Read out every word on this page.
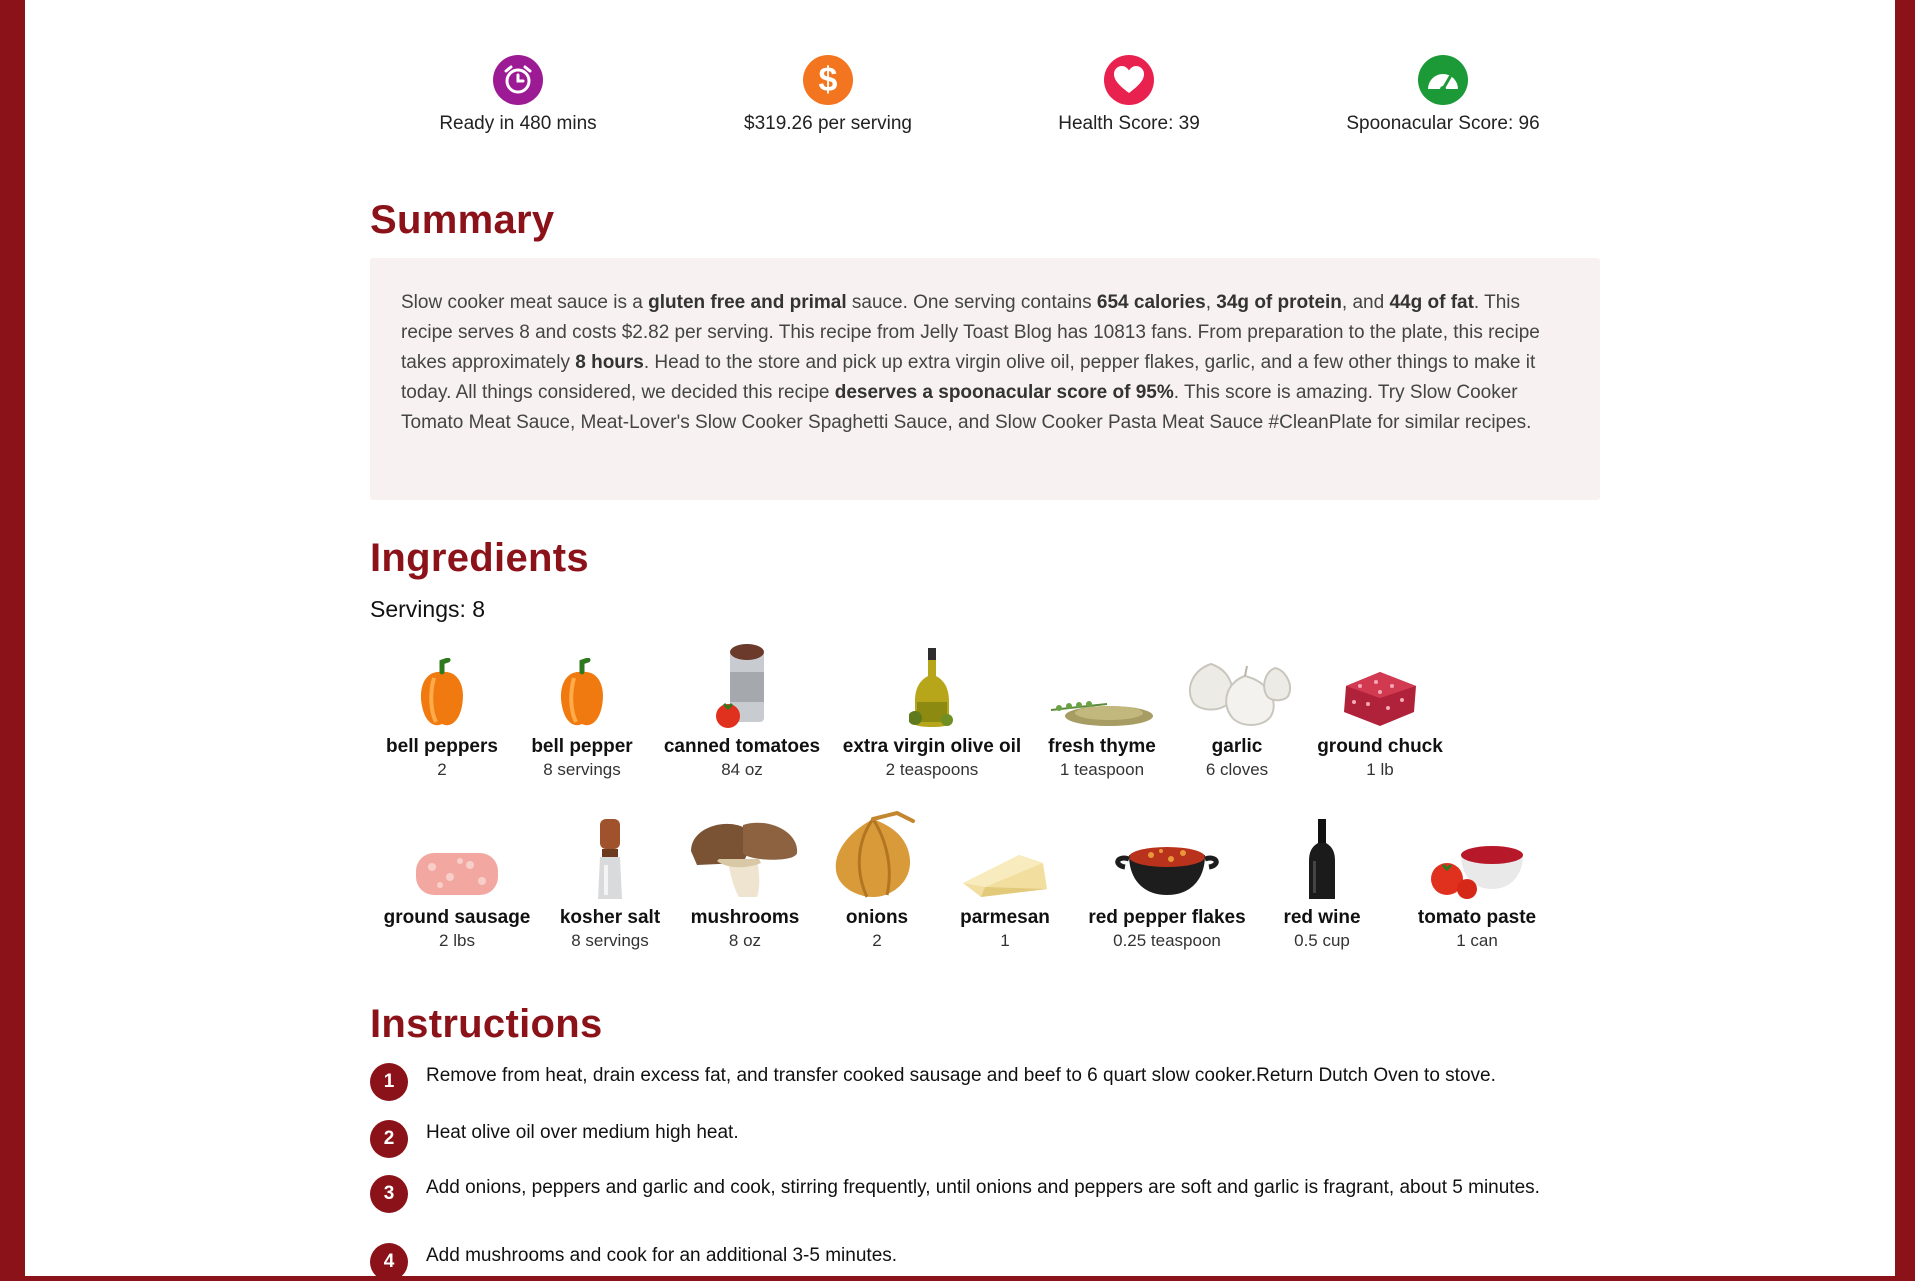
Ready in 480 mins
$
$319.26 per serving	Health Score: 39	Spoonacular Score: 96
Summary
Slow cooker meat sauce is a gluten free and primal sauce. One serving contains 654 calories, 34g of protein, and 44g of fat. This recipe serves 8 and costs $2.82 per serving. This recipe from Jelly Toast Blog has 10813 fans. From preparation to the plate, this recipe takes approximately 8 hours. Head to the store and pick up extra virgin olive oil, pepper flakes, garlic, and a few other things to make it today. All things considered, we decided this recipe deserves a spoonacular score of 95%. This score is amazing. Try Slow Cooker Tomato Meat Sauce, Meat-Lover's Slow Cooker Spaghetti Sauce, and Slow Cooker Pasta Meat Sauce #CleanPlate for similar recipes.
Ingredients
Servings: 8
bell peppers
2
bell pepper
8 servings
canned tomatoes
84 oz
extra virgin olive oil
2 teaspoons
fresh thyme
1 teaspoon
garlic
6 cloves
ground chuck
1 lb
ground sausage
2 lbs
kosher salt
8 servings
mushrooms
8 oz
onions
2
parmesan
1
red pepper flakes
0.25 teaspoon
red wine
0.5 cup
tomato paste
1 can
Instructions
1	Remove from heat, drain excess fat, and transfer cooked sausage and beef to 6 quart slow cooker.Return Dutch Oven to stove.
2	Heat olive oil over medium high heat.
3	Add onions, peppers and garlic and cook, stirring frequently, until onions and peppers are soft and garlic is fragrant, about 5 minutes.
4	Add mushrooms and cook for an additional 3-5 minutes.
